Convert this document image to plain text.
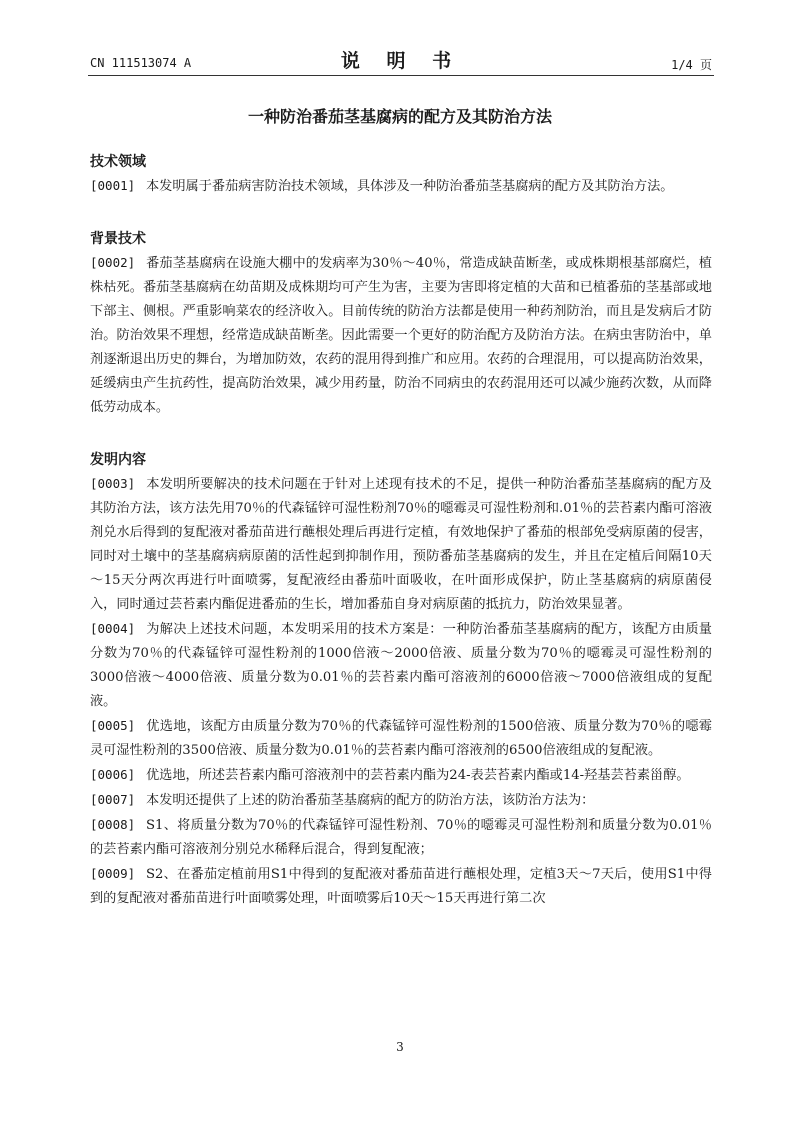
CN 111513074 A	说 明 书	1/4 页
一种防治番茄茎基腐病的配方及其防治方法
技术领域
[0001] 本发明属于番茄病害防治技术领域，具体涉及一种防治番茄茎基腐病的配方及其防治方法。
背景技术
[0002] 番茄茎基腐病在设施大棚中的发病率为30％～40％，常造成缺苗断垄，或成株期根基部腐烂，植株枯死。番茄茎基腐病在幼苗期及成株期均可产生为害，主要为害即将定植的大苗和已植番茄的茎基部或地下部主、侧根。严重影响菜农的经济收入。目前传统的防治方法都是使用一种药剂防治，而且是发病后才防治。防治效果不理想，经常造成缺苗断垄。因此需要一个更好的防治配方及防治方法。在病虫害防治中，单剂逐渐退出历史的舞台，为增加防效，农药的混用得到推广和应用。农药的合理混用，可以提高防治效果，延缓病虫产生抗药性，提高防治效果，减少用药量，防治不同病虫的农药混用还可以减少施药次数，从而降低劳动成本。
发明内容
[0003] 本发明所要解决的技术问题在于针对上述现有技术的不足，提供一种防治番茄茎基腐病的配方及其防治方法，该方法先用70％的代森锰锌可湿性粉剂70％的噁霉灵可湿性粉剂和.01％的芸苔素内酯可溶液剂兑水后得到的复配液对番茄苗进行蘸根处理后再进行定植，有效地保护了番茄的根部免受病原菌的侵害，同时对土壤中的茎基腐病病原菌的活性起到抑制作用，预防番茄茎基腐病的发生，并且在定植后间隔10天～15天分两次再进行叶面喷雾，复配液经由番茄叶面吸收，在叶面形成保护，防止茎基腐病的病原菌侵入，同时通过芸苔素内酯促进番茄的生长，增加番茄自身对病原菌的抵抗力，防治效果显著。
[0004] 为解决上述技术问题，本发明采用的技术方案是：一种防治番茄茎基腐病的配方，该配方由质量分数为70％的代森锰锌可湿性粉剂的1000倍液～2000倍液、质量分数为70％的噁霉灵可湿性粉剂的3000倍液～4000倍液、质量分数为0.01％的芸苔素内酯可溶液剂的6000倍液～7000倍液组成的复配液。
[0005] 优选地，该配方由质量分数为70％的代森锰锌可湿性粉剂的1500倍液、质量分数为70％的噁霉灵可湿性粉剂的3500倍液、质量分数为0.01％的芸苔素内酯可溶液剂的6500倍液组成的复配液。
[0006] 优选地，所述芸苔素内酯可溶液剂中的芸苔素内酯为24-表芸苔素内酯或14-羟基芸苔素甾醇。
[0007] 本发明还提供了上述的防治番茄茎基腐病的配方的防治方法，该防治方法为：
[0008] S1、将质量分数为70％的代森锰锌可湿性粉剂、70％的噁霉灵可湿性粉剂和质量分数为0.01％的芸苔素内酯可溶液剂分别兑水稀释后混合，得到复配液；
[0009] S2、在番茄定植前用S1中得到的复配液对番茄苗进行蘸根处理，定植3天～7天后，使用S1中得到的复配液对番茄苗进行叶面喷雾处理，叶面喷雾后10天～15天再进行第二次
3
